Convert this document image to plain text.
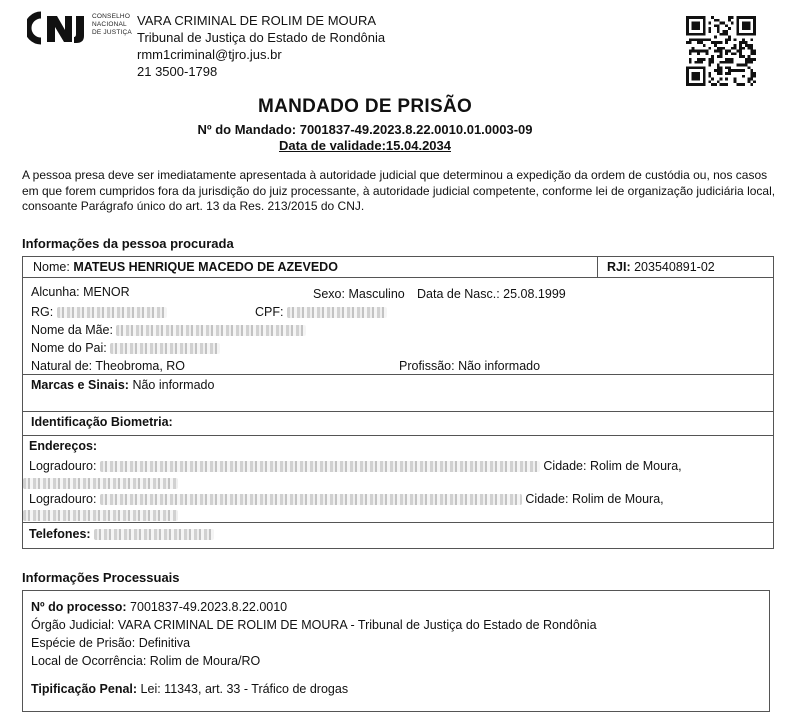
CONSELHO
NACIONAL
DE JUSTIÇA
VARA CRIMINAL DE ROLIM DE MOURA
Tribunal de Justiça do Estado de Rondônia
rmm1criminal@tjro.jus.br
21 3500-1798
MANDADO DE PRISÃO
Nº do Mandado: 7001837-49.2023.8.22.0010.01.0003-09
Data de validade:15.04.2034
A pessoa presa deve ser imediatamente apresentada à autoridade judicial que determinou a expedição da ordem de custódia ou, nos casos em que forem cumpridos fora da jurisdição do juiz processante, à autoridade judicial competente, conforme lei de organização judiciária local, consoante Parágrafo único do art. 13 da Res. 213/2015 do CNJ.
Informações da pessoa procurada
Nome: MATEUS HENRIQUE MACEDO DE AZEVEDO	RJI: 203540891-02
Alcunha: MENOR	Sexo: Masculino Data de Nasc.: 25.08.1999
RG:	CPF:
Nome da Mãe:
Nome do Pai:
Natural de: Theobroma, RO	Profissão: Não informado
Marcas e Sinais: Não informado
Identificação Biometria:
Endereços:
Logradouro:	Cidade: Rolim de Moura,
Logradouro:	Cidade: Rolim de Moura,
Telefones:
Informações Processuais
Nº do processo: 7001837-49.2023.8.22.0010
Órgão Judicial: VARA CRIMINAL DE ROLIM DE MOURA - Tribunal de Justiça do Estado de Rondônia
Espécie de Prisão: Definitiva
Local de Ocorrência: Rolim de Moura/RO
Tipificação Penal: Lei: 11343, art. 33 - Tráfico de drogas
